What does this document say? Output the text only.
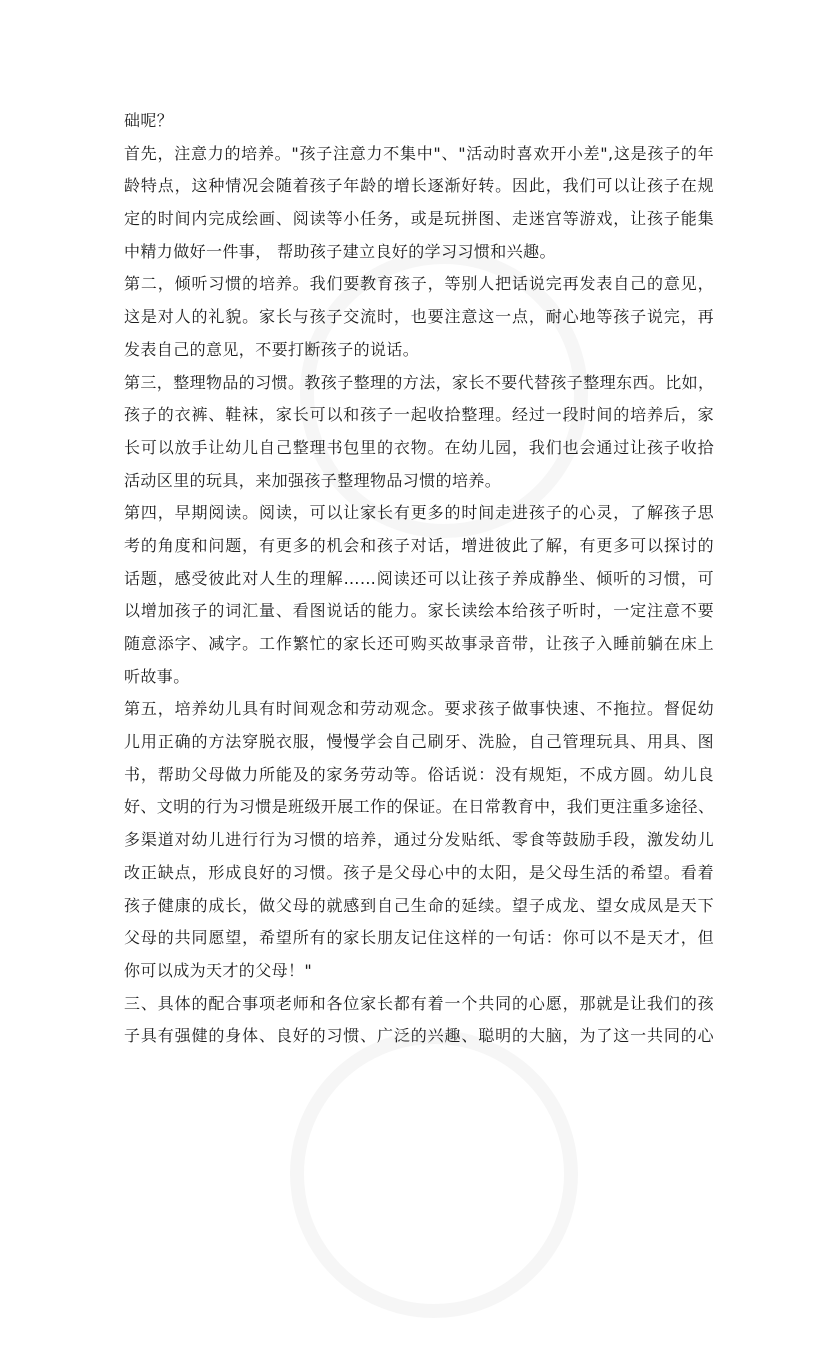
础呢？
首先，注意力的培养。"孩子注意力不集中"、"活动时喜欢开小差",这是孩子的年
龄特点，这种情况会随着孩子年龄的增长逐渐好转。因此，我们可以让孩子在规
定的时间内完成绘画、阅读等小任务，或是玩拼图、走迷宫等游戏，让孩子能集
中精力做好一件事， 帮助孩子建立良好的学习习惯和兴趣。
第二，倾听习惯的培养。我们要教育孩子，等别人把话说完再发表自己的意见，
这是对人的礼貌。家长与孩子交流时，也要注意这一点，耐心地等孩子说完，再
发表自己的意见，不要打断孩子的说话。
第三，整理物品的习惯。教孩子整理的方法，家长不要代替孩子整理东西。比如，
孩子的衣裤、鞋袜，家长可以和孩子一起收拾整理。经过一段时间的培养后，家
长可以放手让幼儿自己整理书包里的衣物。在幼儿园，我们也会通过让孩子收拾
活动区里的玩具，来加强孩子整理物品习惯的培养。
第四，早期阅读。阅读，可以让家长有更多的时间走进孩子的心灵，了解孩子思
考的角度和问题，有更多的机会和孩子对话，增进彼此了解，有更多可以探讨的
话题，感受彼此对人生的理解……阅读还可以让孩子养成静坐、倾听的习惯，可
以增加孩子的词汇量、看图说话的能力。家长读绘本给孩子听时，一定注意不要
随意添字、减字。工作繁忙的家长还可购买故事录音带，让孩子入睡前躺在床上
听故事。
第五，培养幼儿具有时间观念和劳动观念。要求孩子做事快速、不拖拉。督促幼
儿用正确的方法穿脱衣服，慢慢学会自己刷牙、洗脸，自己管理玩具、用具、图
书，帮助父母做力所能及的家务劳动等。俗话说：没有规矩，不成方圆。幼儿良
好、文明的行为习惯是班级开展工作的保证。在日常教育中，我们更注重多途径、
多渠道对幼儿进行行为习惯的培养，通过分发贴纸、零食等鼓励手段，激发幼儿
改正缺点，形成良好的习惯。孩子是父母心中的太阳，是父母生活的希望。看着
孩子健康的成长，做父母的就感到自己生命的延续。望子成龙、望女成凤是天下
父母的共同愿望，希望所有的家长朋友记住这样的一句话：你可以不是天才，但
你可以成为天才的父母！"
三、具体的配合事项老师和各位家长都有着一个共同的心愿，那就是让我们的孩
子具有强健的身体、良好的习惯、广泛的兴趣、聪明的大脑，为了这一共同的心
